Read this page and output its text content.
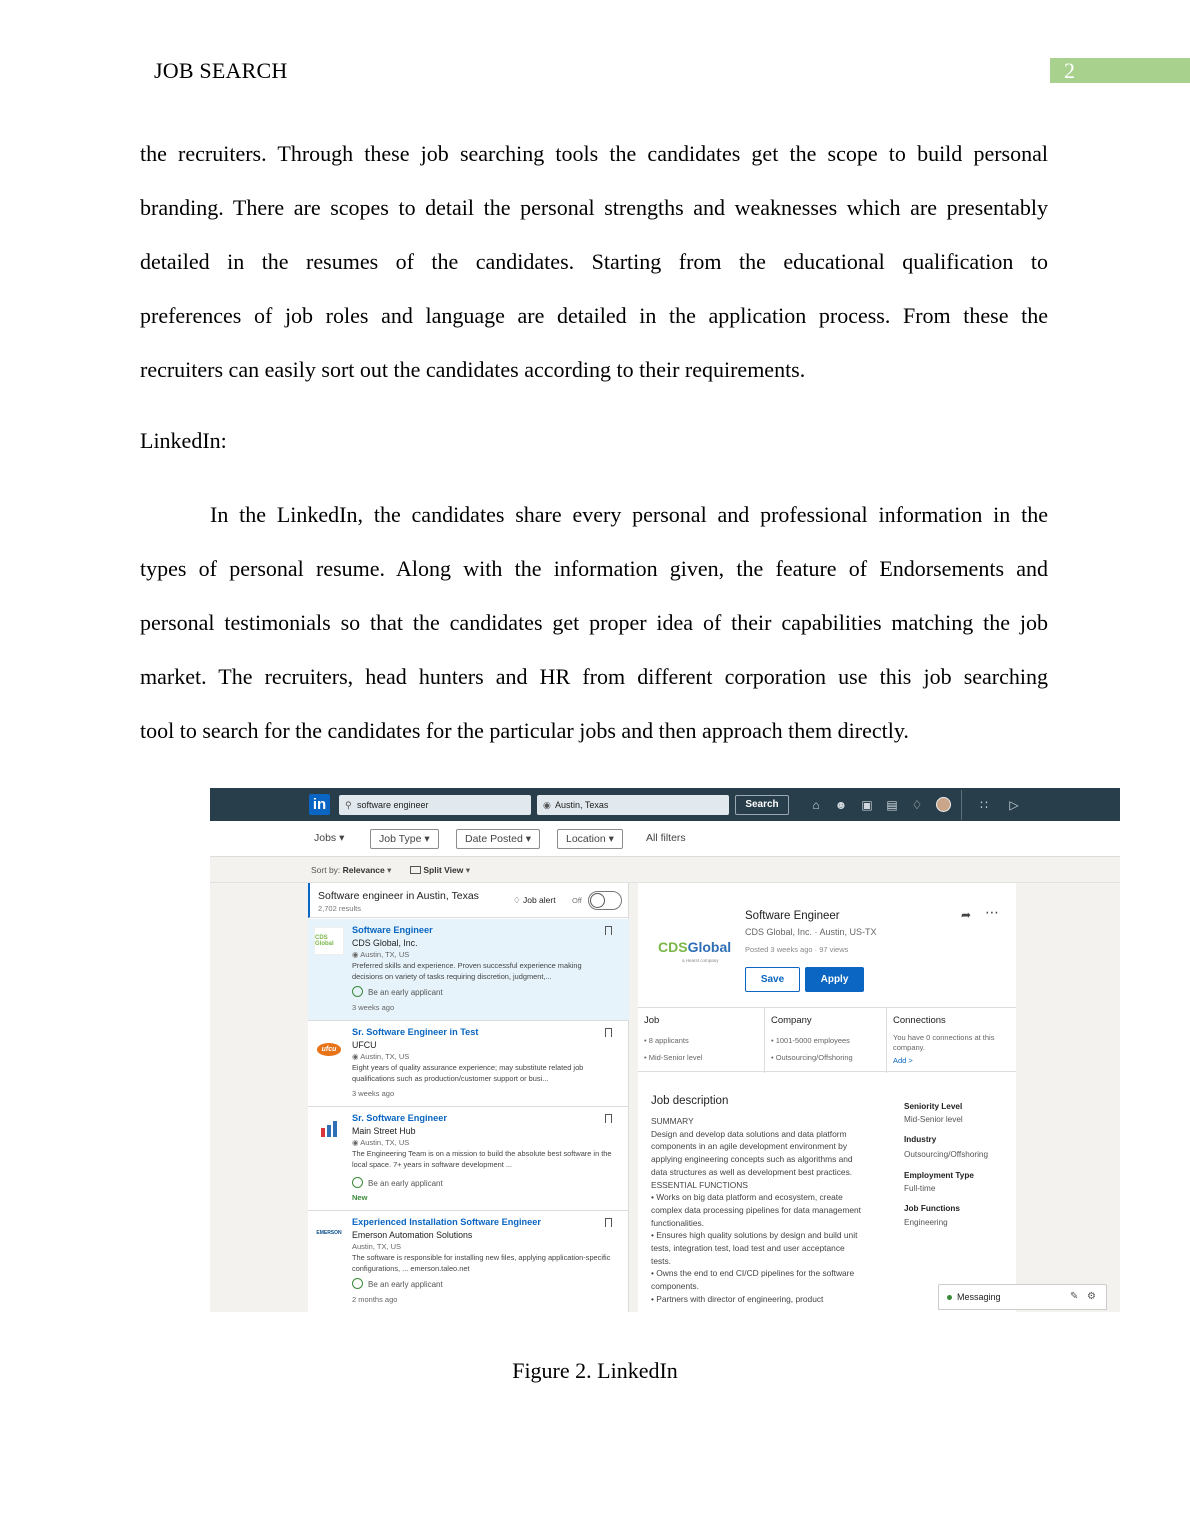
JOB SEARCH	2
the recruiters. Through these job searching tools the candidates get the scope to build personal
branding. There are scopes to detail the personal strengths and weaknesses which are presentably
detailed in the resumes of the candidates. Starting from the educational qualification to
preferences of job roles and language are detailed in the application process. From these the
recruiters can easily sort out the candidates according to their requirements.
LinkedIn:
In the LinkedIn, the candidates share every personal and professional information in the
types of personal resume. Along with the information given, the feature of Endorsements and
personal testimonials so that the candidates get proper idea of their capabilities matching the job
market. The recruiters, head hunters and HR from different corporation use this job searching
tool to search for the candidates for the particular jobs and then approach them directly.
in	⚲ software engineer	◉ Austin, Texas	Search	⌂ ☻ ▣ ▤ ♢	∷ ▷
Jobs ▾	Job Type ▾	Date Posted ▾	Location ▾	All filters
Sort by: Relevance ▾	Split View ▾
Software engineer in Austin, Texas
2,702 results
♢ Job alert Off
CDS Global
Software Engineer
CDS Global, Inc.
◉ Austin, TX, US
Preferred skills and experience. Proven successful experience making decisions on variety of tasks requiring discretion, judgment,...
Be an early applicant
3 weeks ago
ufcu
Sr. Software Engineer in Test
UFCU
◉ Austin, TX, US
Eight years of quality assurance experience; may substitute related job qualifications such as production/customer support or busi...
3 weeks ago
Sr. Software Engineer
Main Street Hub
◉ Austin, TX, US
The Engineering Team is on a mission to build the absolute best software in the local space. 7+ years in software development ...
Be an early applicant
New
EMERSON
Experienced Installation Software Engineer
Emerson Automation Solutions
Austin, TX, US
The software is responsible for installing new files, applying application-specific configurations, ... emerson.taleo.net
Be an early applicant
2 months ago
CDSGlobal
a Hearst company
Software Engineer
CDS Global, Inc. · Austin, US-TX
Posted 3 weeks ago · 97 views
➦ ⋯
Save	Apply
Job
• 8 applicants
• Mid-Senior level
Company
• 1001-5000 employees
• Outsourcing/Offshoring
Connections
You have 0 connections at this company.
Add >
Job description
SUMMARY
Design and develop data solutions and data platform
components in an agile development environment by
applying engineering concepts such as algorithms and
data structures as well as development best practices.
ESSENTIAL FUNCTIONS
• Works on big data platform and ecosystem, create
complex data processing pipelines for data management
functionalities.
• Ensures high quality solutions by design and build unit
tests, integration test, load test and user acceptance
tests.
• Owns the end to end CI/CD pipelines for the software
components.
• Partners with director of engineering, product
Seniority Level
Mid-Senior level
Industry
Outsourcing/Offshoring
Employment Type
Full-time
Job Functions
Engineering
Messaging	✎ ⚙
Figure 2. LinkedIn
